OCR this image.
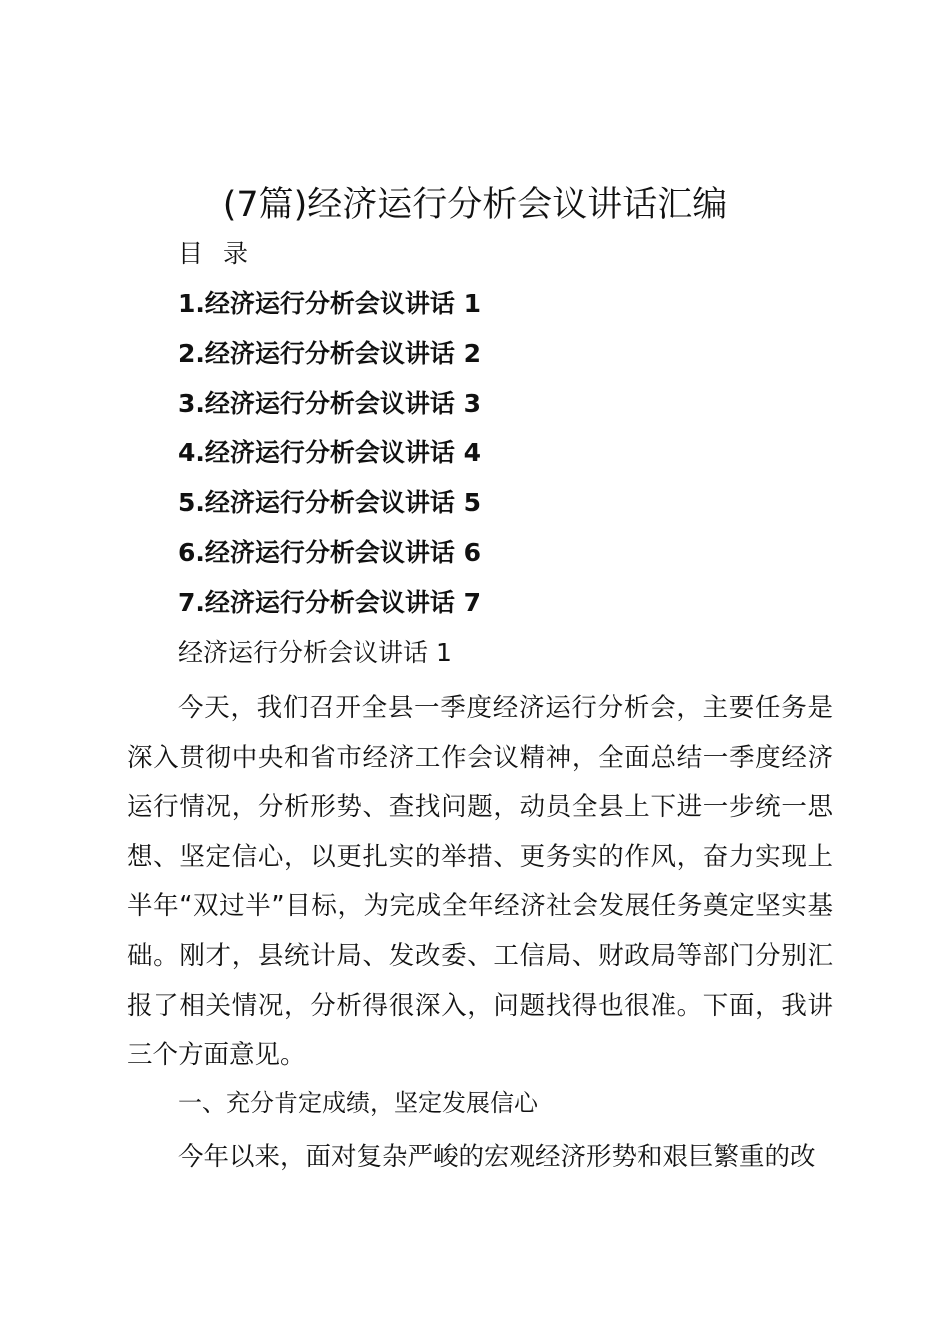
(7篇)经济运行分析会议讲话汇编
目 录
1.经济运行分析会议讲话 1
2.经济运行分析会议讲话 2
3.经济运行分析会议讲话 3
4.经济运行分析会议讲话 4
5.经济运行分析会议讲话 5
6.经济运行分析会议讲话 6
7.经济运行分析会议讲话 7
经济运行分析会议讲话 1

今天，我们召开全县一季度经济运行分析会，主要任务是深入贯彻中央和省市经济工作会议精神，全面总结一季度经济运行情况，分析形势、查找问题，动员全县上下进一步统一思想、坚定信心，以更扎实的举措、更务实的作风，奋力实现上半年“双过半”目标，为完成全年经济社会发展任务奠定坚实基础。刚才，县统计局、发改委、工信局、财政局等部门分别汇报了相关情况，分析得很深入，问题找得也很准。下面，我讲三个方面意见。

一、充分肯定成绩，坚定发展信心

今年以来，面对复杂严峻的宏观经济形势和艰巨繁重的改
